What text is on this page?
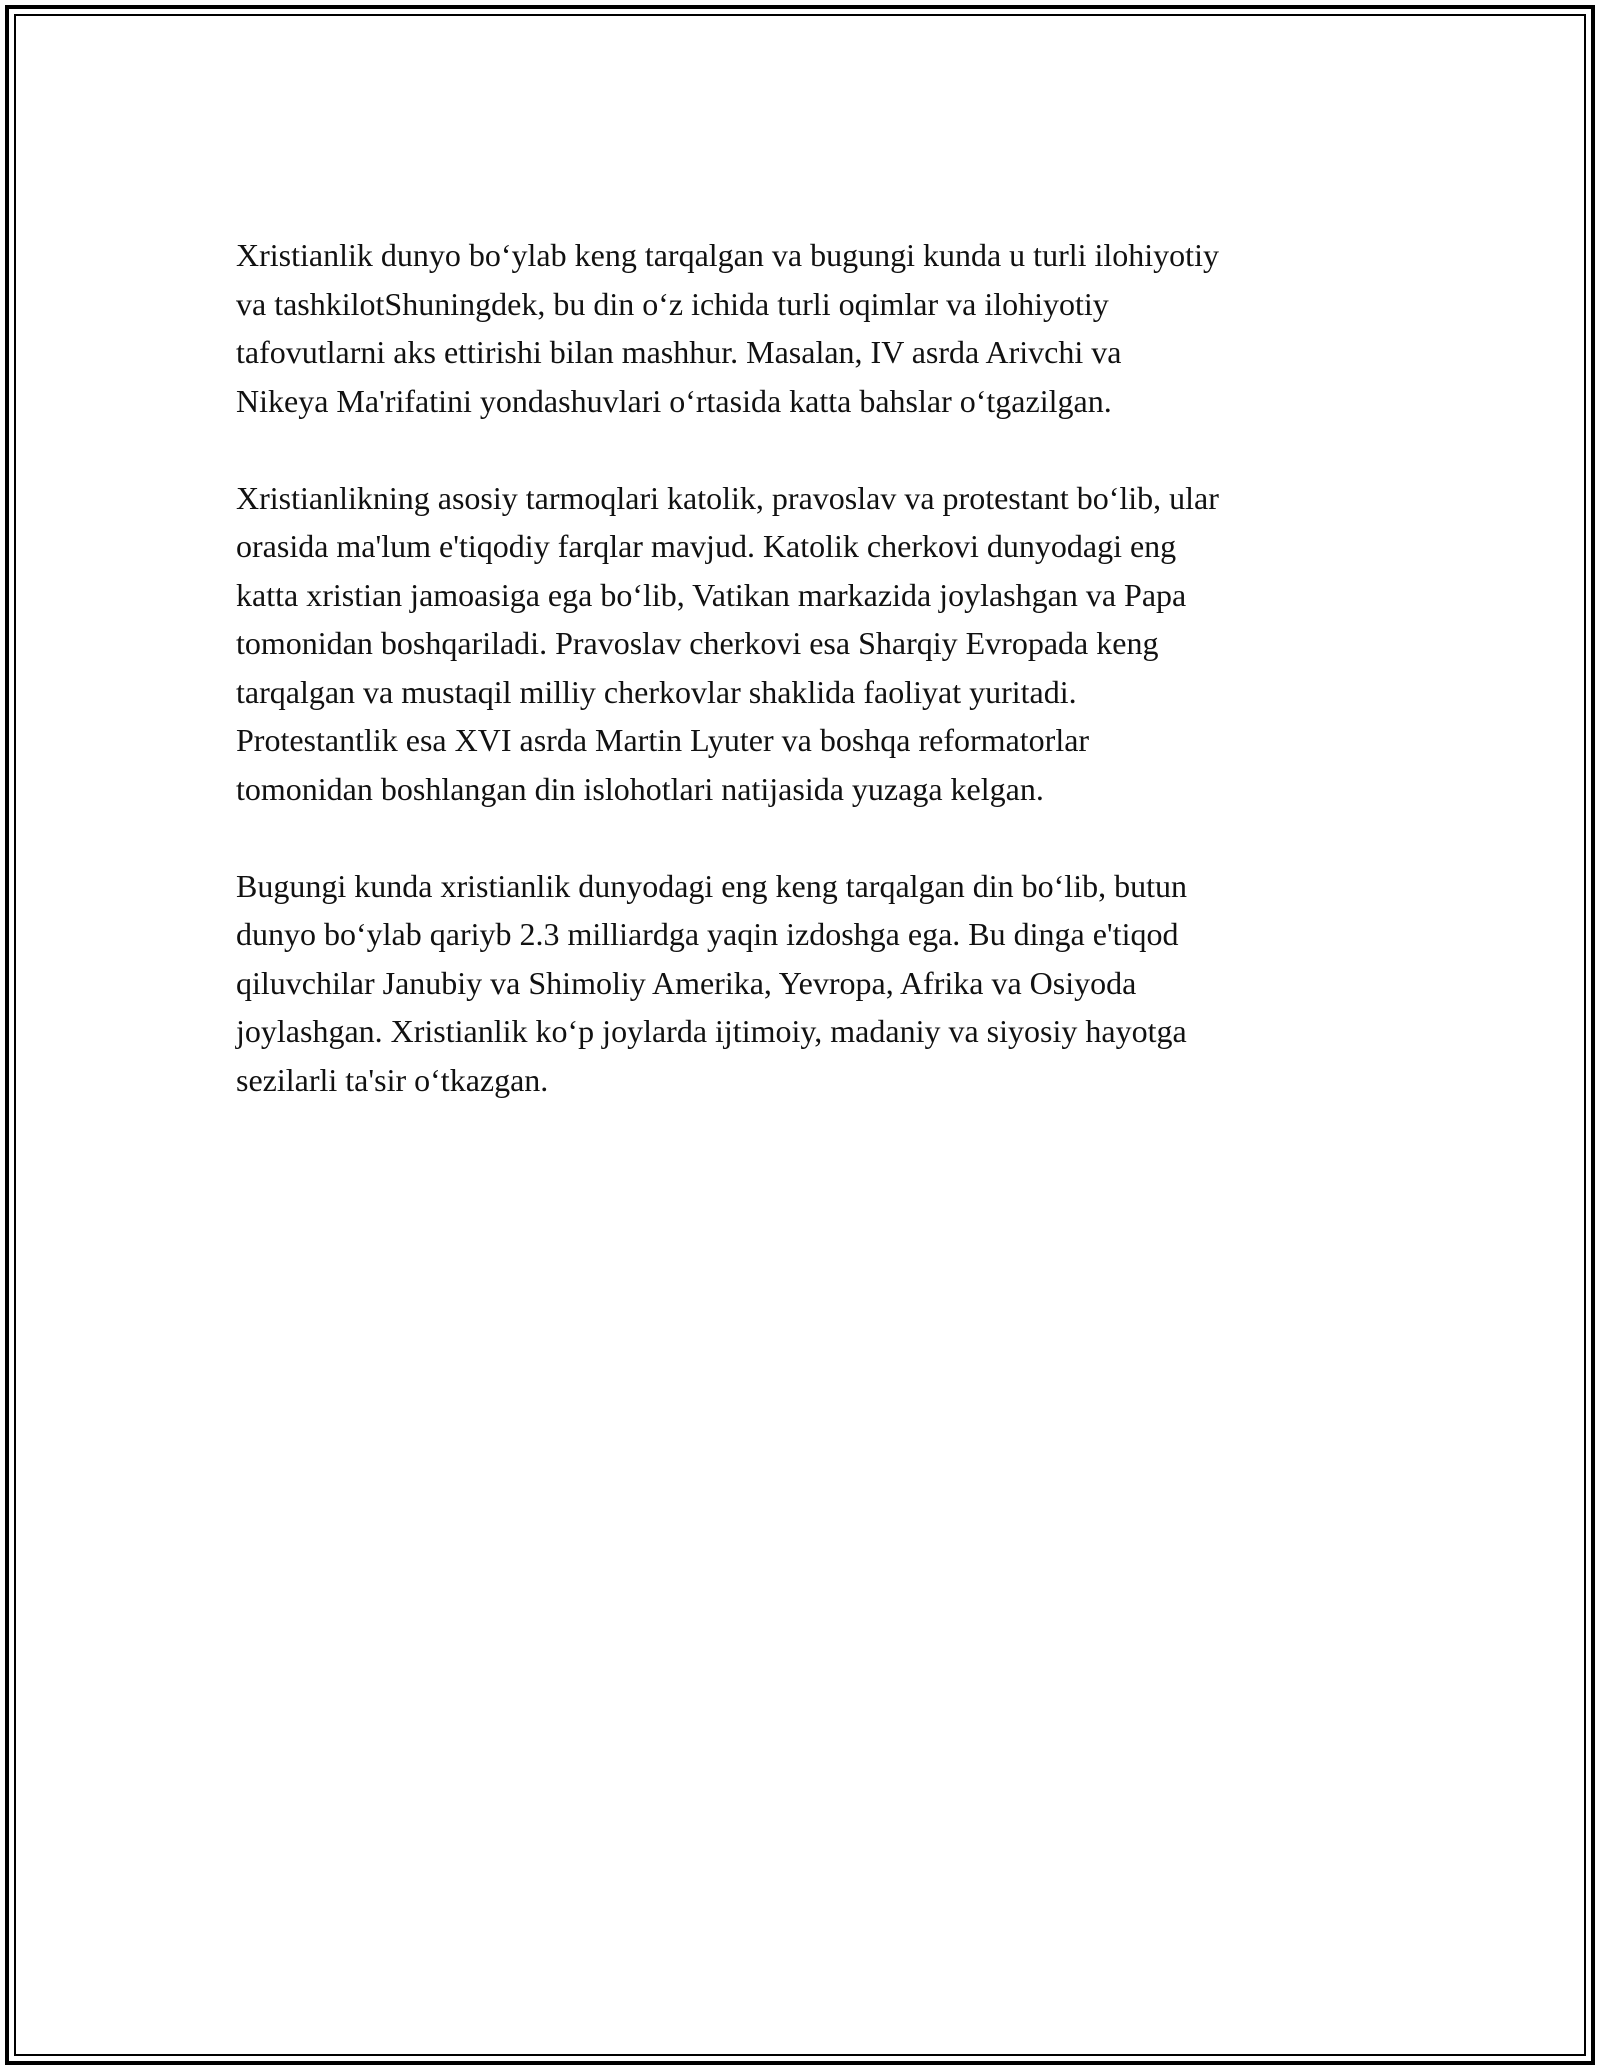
Xristianlik dunyo bo‘ylab keng tarqalgan va bugungi kunda u turli ilohiyotiy
va tashkilotShuningdek, bu din o‘z ichida turli oqimlar va ilohiyotiy
tafovutlarni aks ettirishi bilan mashhur. Masalan, IV asrda Arivchi va
Nikeya Ma'rifatini yondashuvlari o‘rtasida katta bahslar o‘tgazilgan.

Xristianlikning asosiy tarmoqlari katolik, pravoslav va protestant bo‘lib, ular
orasida ma'lum e'tiqodiy farqlar mavjud. Katolik cherkovi dunyodagi eng
katta xristian jamoasiga ega bo‘lib, Vatikan markazida joylashgan va Papa
tomonidan boshqariladi. Pravoslav cherkovi esa Sharqiy Evropada keng
tarqalgan va mustaqil milliy cherkovlar shaklida faoliyat yuritadi.
Protestantlik esa XVI asrda Martin Lyuter va boshqa reformatorlar
tomonidan boshlangan din islohotlari natijasida yuzaga kelgan.

Bugungi kunda xristianlik dunyodagi eng keng tarqalgan din bo‘lib, butun
dunyo bo‘ylab qariyb 2.3 milliardga yaqin izdoshga ega. Bu dinga e'tiqod
qiluvchilar Janubiy va Shimoliy Amerika, Yevropa, Afrika va Osiyoda
joylashgan. Xristianlik ko‘p joylarda ijtimoiy, madaniy va siyosiy hayotga
sezilarli ta'sir o‘tkazgan.
